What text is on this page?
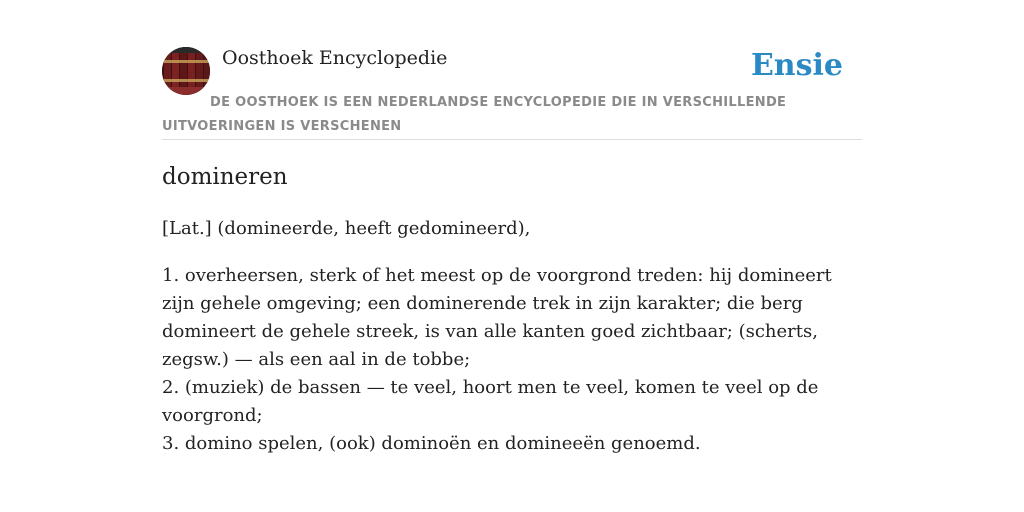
Oosthoek Encyclopedie	Ensie
DE OOSTHOEK IS EEN NEDERLANDSE ENCYCLOPEDIE DIE IN VERSCHILLENDE UITVOERINGEN IS VERSCHENEN
domineren

[Lat.] (domineerde, heeft gedomineerd),

1. overheersen, sterk of het meest op de voorgrond treden: hij domineert zijn gehele omgeving; een dominerende trek in zijn karakter; die berg domineert de gehele streek, is van alle kanten goed zichtbaar; (scherts, zegsw.) — als een aal in de tobbe;
2. (muziek) de bassen — te veel, hoort men te veel, komen te veel op de voorgrond;
3. domino spelen, (ook) dominoën en domineeën genoemd.
